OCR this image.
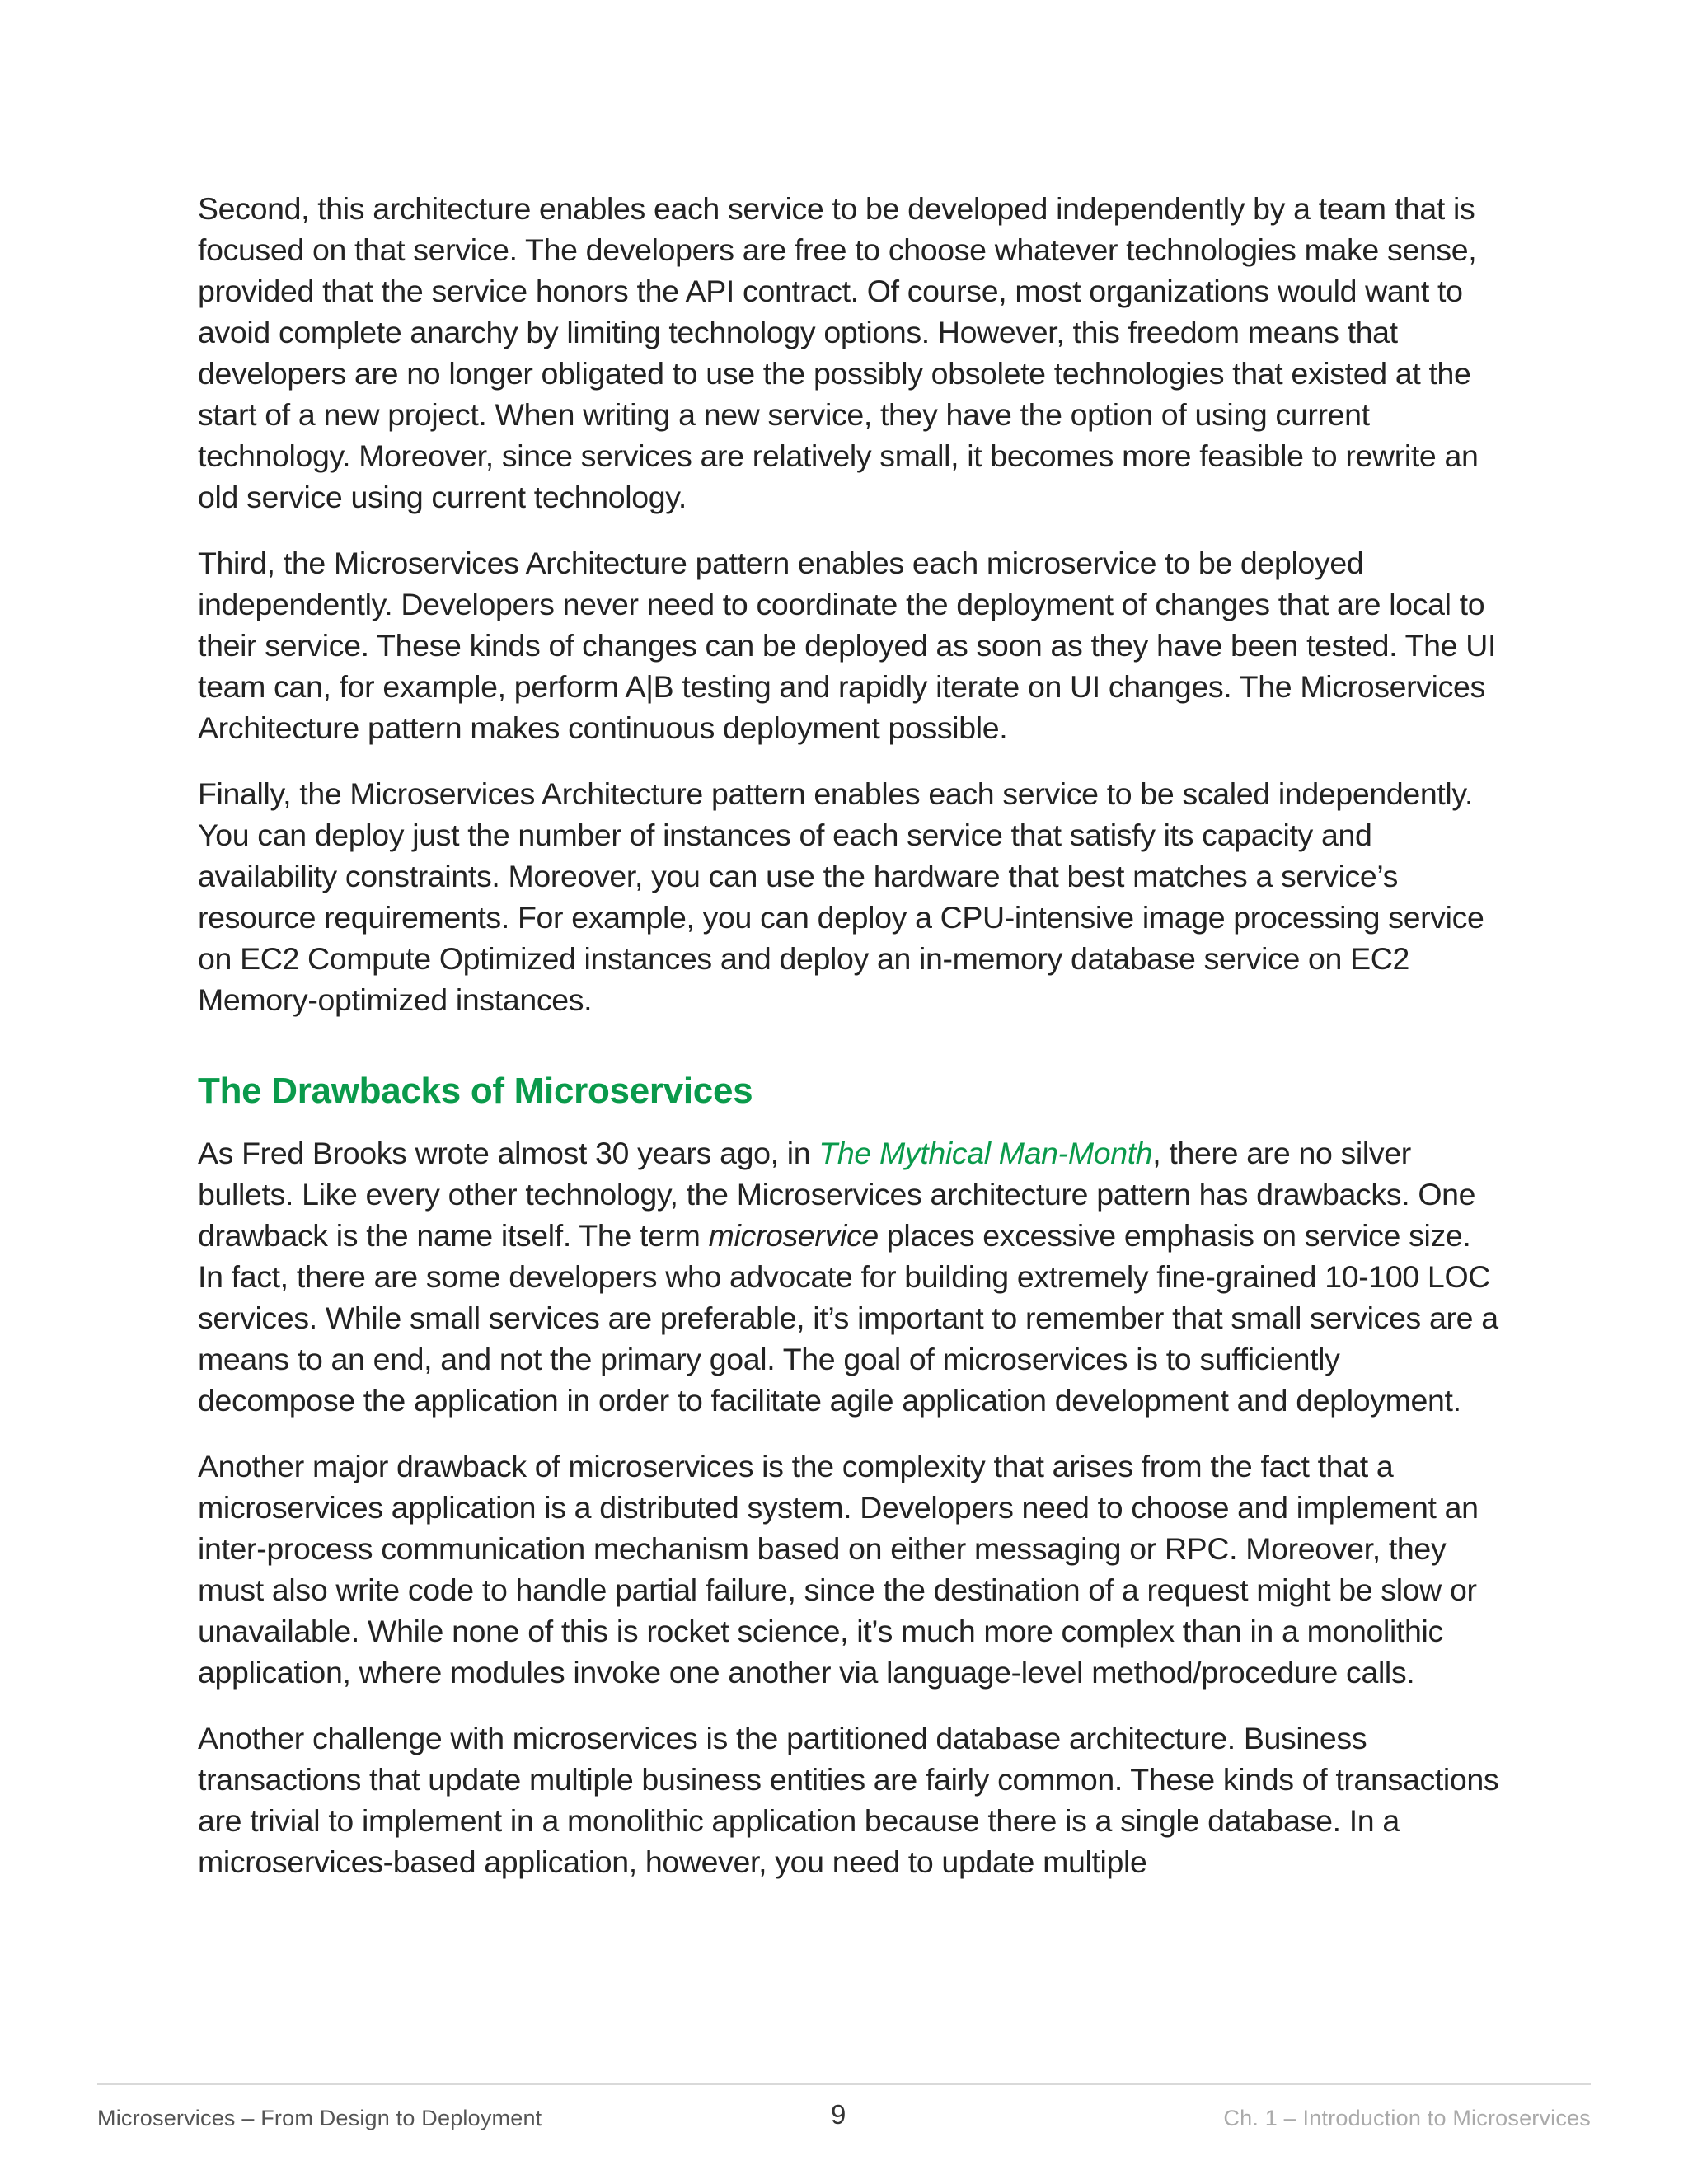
Second, this architecture enables each service to be developed independently by a team that is focused on that service. The developers are free to choose whatever technologies make sense, provided that the service honors the API contract. Of course, most organizations would want to avoid complete anarchy by limiting technology options. However, this freedom means that developers are no longer obligated to use the possibly obsolete technologies that existed at the start of a new project. When writing a new service, they have the option of using current technology. Moreover, since services are relatively small, it becomes more feasible to rewrite an old service using current technology.

Third, the Microservices Architecture pattern enables each microservice to be deployed independently. Developers never need to coordinate the deployment of changes that are local to their service. These kinds of changes can be deployed as soon as they have been tested. The UI team can, for example, perform A|B testing and rapidly iterate on UI changes. The Microservices Architecture pattern makes continuous deployment possible.

Finally, the Microservices Architecture pattern enables each service to be scaled independently. You can deploy just the number of instances of each service that satisfy its capacity and availability constraints. Moreover, you can use the hardware that best matches a service’s resource requirements. For example, you can deploy a CPU-intensive image processing service on EC2 Compute Optimized instances and deploy an in-memory database service on EC2 Memory-optimized instances.

The Drawbacks of Microservices

As Fred Brooks wrote almost 30 years ago, in The Mythical Man-Month, there are no silver bullets. Like every other technology, the Microservices architecture pattern has drawbacks. One drawback is the name itself. The term microservice places excessive emphasis on service size. In fact, there are some developers who advocate for building extremely fine-grained 10-100 LOC services. While small services are preferable, it’s important to remember that small services are a means to an end, and not the primary goal. The goal of microservices is to sufficiently decompose the application in order to facilitate agile application development and deployment.

Another major drawback of microservices is the complexity that arises from the fact that a microservices application is a distributed system. Developers need to choose and implement an inter-process communication mechanism based on either messaging or RPC. Moreover, they must also write code to handle partial failure, since the destination of a request might be slow or unavailable. While none of this is rocket science, it’s much more complex than in a monolithic application, where modules invoke one another via language-level method/procedure calls.

Another challenge with microservices is the partitioned database architecture. Business transactions that update multiple business entities are fairly common. These kinds of transactions are trivial to implement in a monolithic application because there is a single database. In a microservices-based application, however, you need to update multiple

Microservices – From Design to Deployment	9	Ch. 1 – Introduction to Microservices
